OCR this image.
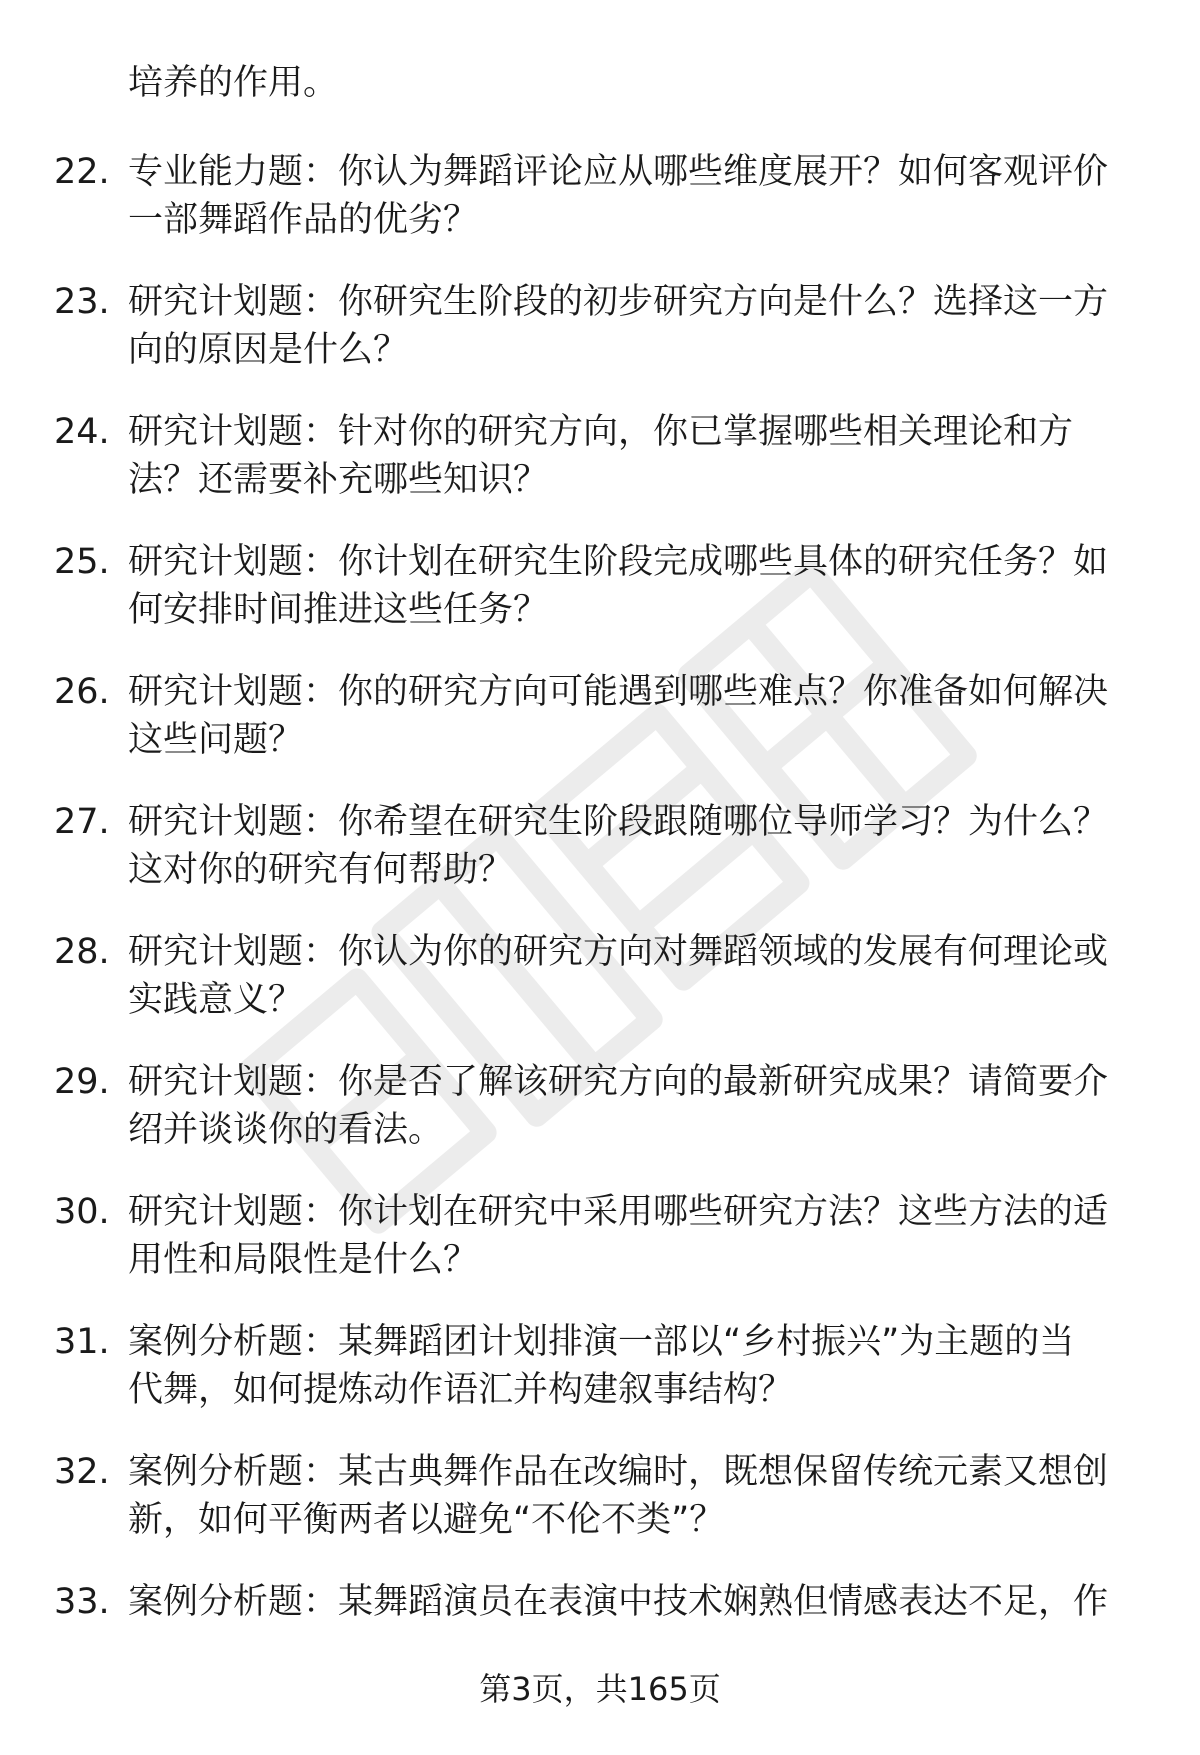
培养的作用。
22. 专业能力题：你认为舞蹈评论应从哪些维度展开？如何客观评价
一部舞蹈作品的优劣？
23. 研究计划题：你研究生阶段的初步研究方向是什么？选择这一方
向的原因是什么？
24. 研究计划题：针对你的研究方向，你已掌握哪些相关理论和方
法？还需要补充哪些知识？
25. 研究计划题：你计划在研究生阶段完成哪些具体的研究任务？如
何安排时间推进这些任务？
26. 研究计划题：你的研究方向可能遇到哪些难点？你准备如何解决
这些问题？
27. 研究计划题：你希望在研究生阶段跟随哪位导师学习？为什么？
这对你的研究有何帮助？
28. 研究计划题：你认为你的研究方向对舞蹈领域的发展有何理论或
实践意义？
29. 研究计划题：你是否了解该研究方向的最新研究成果？请简要介
绍并谈谈你的看法。
30. 研究计划题：你计划在研究中采用哪些研究方法？这些方法的适
用性和局限性是什么？
31. 案例分析题：某舞蹈团计划排演一部以“乡村振兴”为主题的当
代舞，如何提炼动作语汇并构建叙事结构？
32. 案例分析题：某古典舞作品在改编时，既想保留传统元素又想创
新，如何平衡两者以避免“不伦不类”？
33. 案例分析题：某舞蹈演员在表演中技术娴熟但情感表达不足，作
第3页，共165页
